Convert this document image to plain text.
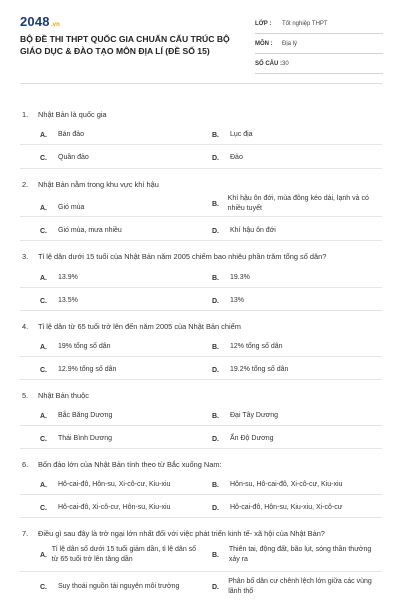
2048.vn
BỘ ĐỀ THI THPT QUỐC GIA CHUẨN CẤU TRÚC BỘ GIÁO DỤC & ĐÀO TẠO MÔN ĐỊA LÍ (ĐỀ SỐ 15)
LỚP :	Tốt nghiệp THPT
MÔN :	Địa lý
SỐ CÂU : 30
1.	Nhật Bản là quốc gia
A.	Bán đảo	B.	Lục địa
C.	Quần đảo	D.	Đảo
2.	Nhật Bản nằm trong khu vực khí hậu
A.	Gió mùa	B.
Khí hậu ôn đới, mùa đông kéo dài, lạnh và có nhiều tuyết
C.	Gió mùa, mưa nhiều	D.	Khí hậu ôn đới
3.	Tỉ lệ dân dưới 15 tuổi của Nhật Bản năm 2005 chiếm bao nhiêu phần trăm tổng số dân?
A.	13.9%	B.	19.3%
C.	13.5%	D.	13%
4.	Tỉ lệ dân từ 65 tuổi trở lên đến năm 2005 của Nhật Bản chiếm
A.	19% tổng số dân	B.	12% tổng số dân
C.	12.9% tổng số dân	D.	19.2% tổng số dân
5.	Nhật Bản thuộc
A.	Bắc Băng Dương	B.	Đại Tây Dương
C.	Thái Bình Dương	D.	Ấn Độ Dương
6.	Bốn đảo lớn của Nhật Bản tính theo từ Bắc xuống Nam:
A.	Hô-cai-đô, Hôn-su, Xi-cô-cư, Kiu-xiu	B.	Hôn-su, Hô-cai-đô, Xi-cô-cư, Kiu-xiu
C.	Hô-cai-đô, Xi-cô-cư, Hôn-su, Kiu-xiu	D.	Hô-cai-đô, Hôn-su, Kiu-xiu, Xi-cô-cư
7.	Điều gì sau đây là trở ngại lớn nhất đối với việc phát triển kinh tế- xã hội của Nhật Bản?
A.
Tỉ lệ dân số dưới 15 tuổi giảm dần, tỉ lệ dân số từ 65 tuổi trở lên tăng dần
B.
Thiên tai, động đất, bão lụt, sóng thần thường xảy ra
C.	Suy thoái nguồn tài nguyên môi trường	D.
Phân bố dân cư chênh lệch lớn giữa các vùng lãnh thổ
